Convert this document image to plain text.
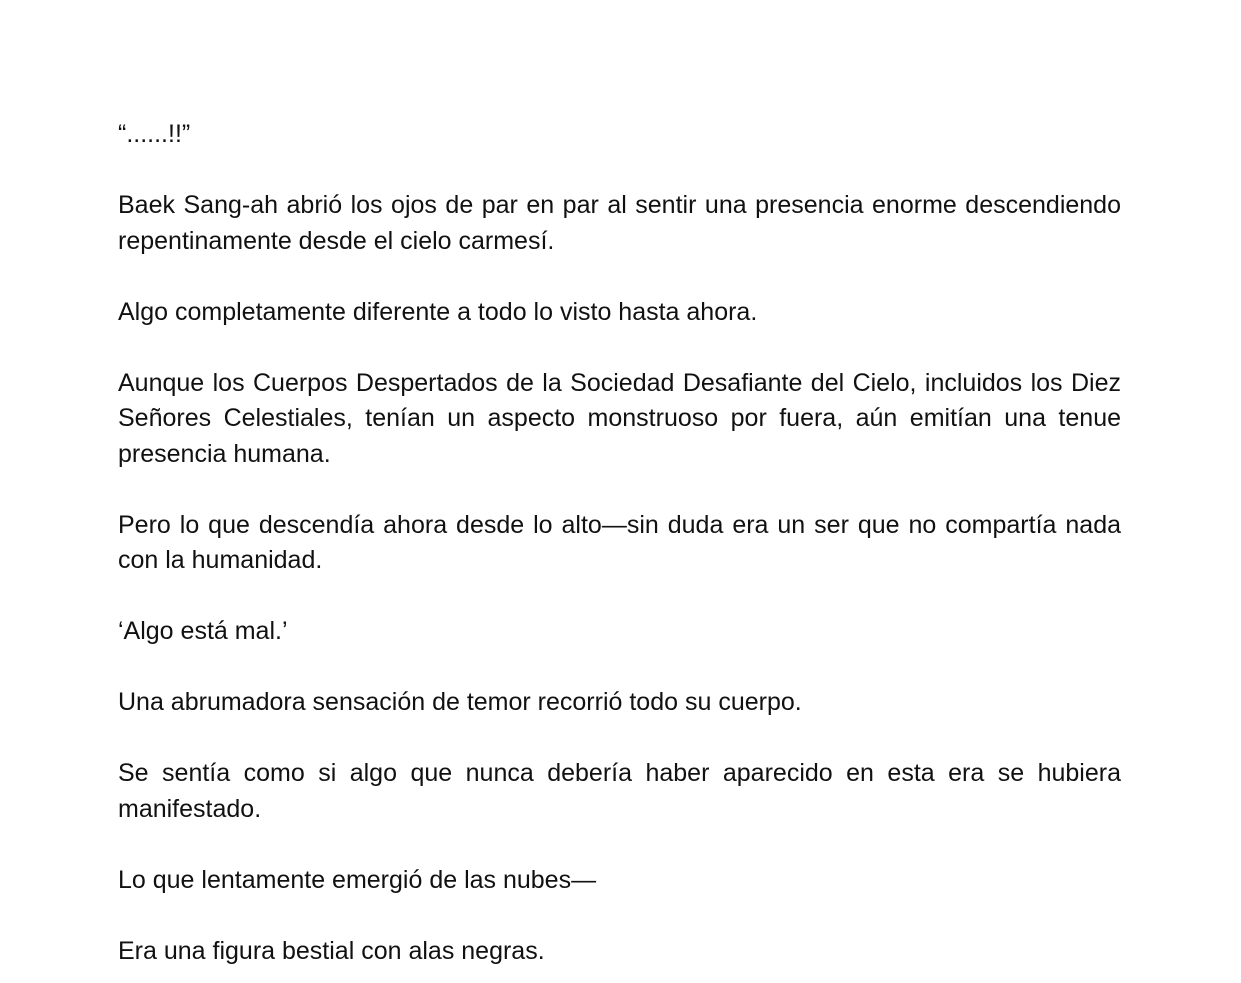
“......!!”

Baek Sang-ah abrió los ojos de par en par al sentir una presencia enorme descendiendo repentinamente desde el cielo carmesí.

Algo completamente diferente a todo lo visto hasta ahora.

Aunque los Cuerpos Despertados de la Sociedad Desafiante del Cielo, incluidos los Diez Señores Celestiales, tenían un aspecto monstruoso por fuera, aún emitían una tenue presencia humana.

Pero lo que descendía ahora desde lo alto—sin duda era un ser que no compartía nada con la humanidad.

‘Algo está mal.’

Una abrumadora sensación de temor recorrió todo su cuerpo.

Se sentía como si algo que nunca debería haber aparecido en esta era se hubiera manifestado.

Lo que lentamente emergió de las nubes—

Era una figura bestial con alas negras.
